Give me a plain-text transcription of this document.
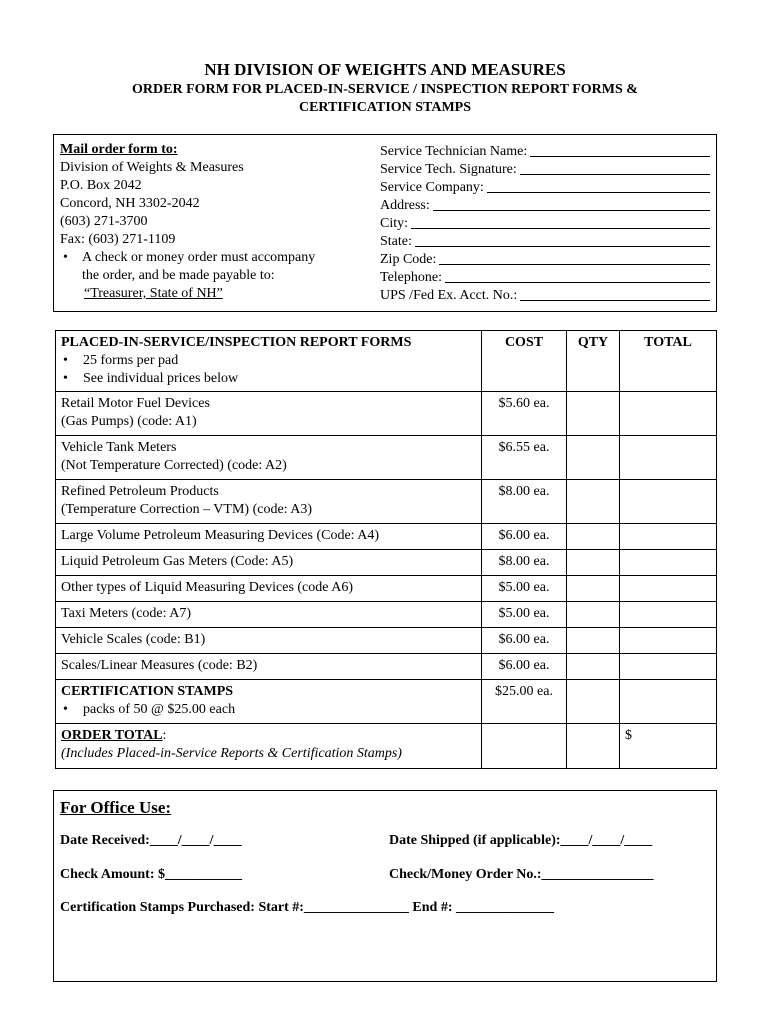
NH DIVISION OF WEIGHTS AND MEASURES
ORDER FORM FOR PLACED-IN-SERVICE / INSPECTION REPORT FORMS &
CERTIFICATION STAMPS
Mail order form to:
Division of Weights & Measures
P.O. Box 2042
Concord, NH 3302-2042
(603) 271-3700
Fax: (603) 271-1109
• A check or money order must accompany
the order, and be made payable to:
“Treasurer, State of NH”
Service Technician Name:
Service Tech. Signature:
Service Company:
Address:
City:
State:
Zip Code:
Telephone:
UPS /Fed Ex. Acct. No.:
PLACED-IN-SERVICE/INSPECTION REPORT FORMS
• 25 forms per pad
• See individual prices below	COST	QTY	TOTAL

Retail Motor Fuel Devices
(Gas Pumps) (code: A1)	$5.60 ea.		

Vehicle Tank Meters
(Not Temperature Corrected) (code: A2)	$6.55 ea.		

Refined Petroleum Products
(Temperature Correction – VTM) (code: A3)	$8.00 ea.		
Large Volume Petroleum Measuring Devices (Code: A4)	$6.00 ea.		
Liquid Petroleum Gas Meters (Code: A5)	$8.00 ea.		
Other types of Liquid Measuring Devices (code A6)	$5.00 ea.		
Taxi Meters (code: A7)	$5.00 ea.		
Vehicle Scales (code: B1)	$6.00 ea.		
Scales/Linear Measures (code: B2)	$6.00 ea.		

CERTIFICATION STAMPS
• packs of 50 @ $25.00 each	$25.00 ea.		

ORDER TOTAL:
(Includes Placed-in-Service Reports & Certification Stamps)			$
For Office Use:
Date Received:____/____/____	Date Shipped (if applicable):____/____/____
Check Amount: $___________	Check/Money Order No.:________________
Certification Stamps Purchased: Start #:_______________ End #: ______________
